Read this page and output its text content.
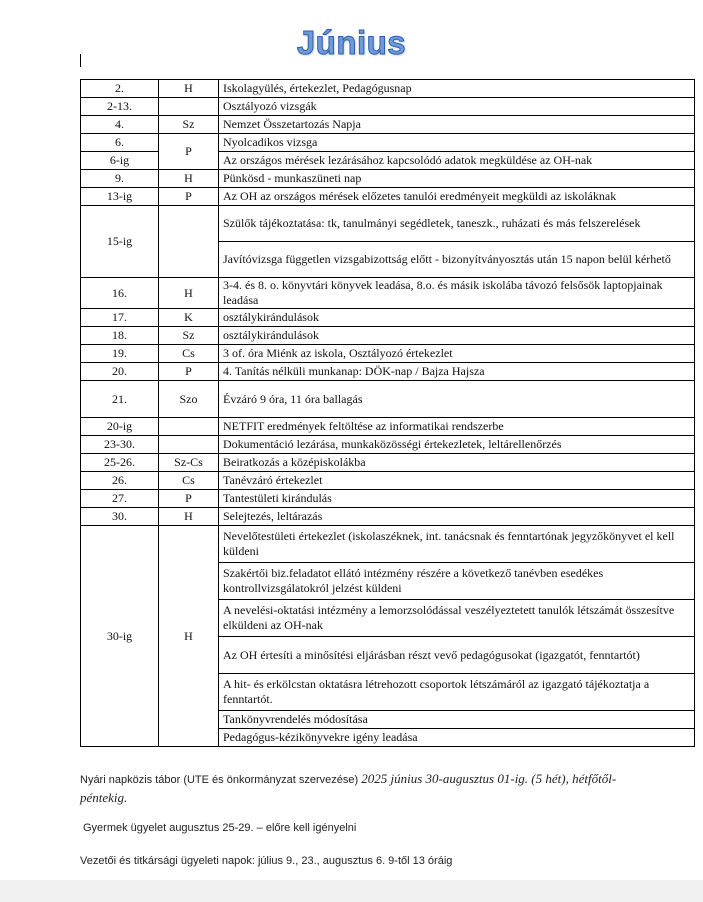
Június
2.	H	Iskolagyülés, értekezlet, Pedagógusnap
2-13.		Osztályozó vizsgák
4.	Sz	Nemzet Összetartozás Napja
6.	P	Nyolcadikos vizsga
6-ig		Az országos mérések lezárásához kapcsolódó adatok megküldése az OH-nak
9.	H	Pünkösd - munkaszüneti nap
13-ig	P	Az OH az országos mérések előzetes tanulói eredményeit megküldi az iskoláknak
15-ig		Szülők tájékoztatása: tk, tanulmányi segédletek, taneszk., ruházati és más felszerelések
		Javítóvizsga független vizsgabizottság előtt - bizonyítványosztás után 15 napon belül kérhető
16.	H	3-4. és 8. o. könyvtári könyvek leadása, 8.o. és másik iskolába távozó felsősök laptopjainak leadása
17.	K	osztálykirándulások
18.	Sz	osztálykirándulások
19.	Cs	3 of. óra Miénk az iskola, Osztályozó értekezlet
20.	P	4. Tanítás nélküli munkanap: DÖK-nap / Bajza Hajsza
21.	Szo	Évzáró 9 óra, 11 óra ballagás
20-ig		NETFIT eredmények feltöltése az informatikai rendszerbe
23-30.		Dokumentáció lezárása, munkaközösségi értekezletek, leltárellenőrzés
25-26.	Sz-Cs	Beiratkozás a középiskolákba
26.	Cs	Tanévzáró értekezlet
27.	P	Tantestületi kirándulás
30.	H	Selejtezés, leltárazás
30-ig	H	Nevelőtestületi értekezlet (iskolaszéknek, int. tanácsnak és fenntartónak jegyzőkönyvet el kell küldeni
		Szakértői biz.feladatot ellátó intézmény részére a következő tanévben esedékes kontrollvizsgálatokról jelzést küldeni
		A nevelési-oktatási intézmény a lemorzsolódással veszélyeztetett tanulók létszámát összesítve elküldeni az OH-nak
		Az OH értesíti a minősítési eljárásban részt vevő pedagógusokat (igazgatót, fenntartót)
		A hit- és erkölcstan oktatásra létrehozott csoportok létszámáról az igazgató tájékoztatja a fenntartót.
		Tankönyvrendelés módosítása
		Pedagógus-kézikönyvekre igény leadása
Nyári napközis tábor (UTE és önkormányzat szervezése) 2025 június 30-augusztus 01-ig. (5 hét), hétfőtől- péntekig.
Gyermek ügyelet augusztus 25-29. – előre kell igényelni
Vezetői és titkársági ügyeleti napok: július 9., 23., augusztus 6. 9-től 13 óráig
